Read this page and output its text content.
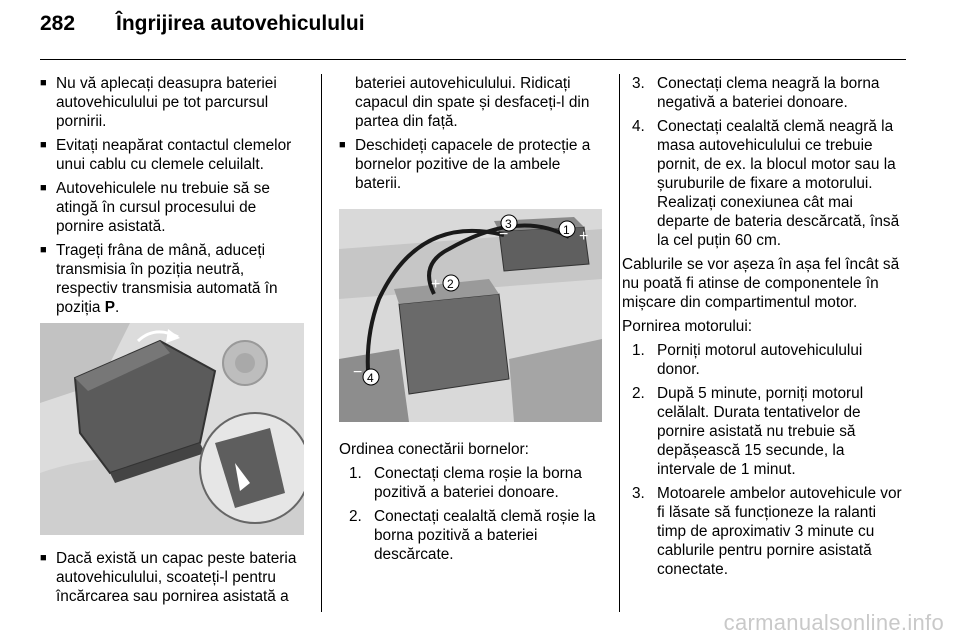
282 Îngrijirea autovehiculului
■ Nu vă aplecați deasupra bateriei autovehiculului pe tot parcursul pornirii.
■ Evitați neapărat contactul clemelor unui cablu cu clemele celuilalt.
■ Autovehiculele nu trebuie să se atingă în cursul procesului de pornire asistată.
■ Trageți frâna de mână, aduceți transmisia în poziția neutră, respectiv transmisia automată în poziția P.
■ Dacă există un capac peste bateria autovehiculului, scoateți-l pentru încărcarea sau pornirea asistată a
bateriei autovehiculului. Ridicați capacul din spate și desfaceți-l din partea din față.
■ Deschideți capacele de protecție a bornelor pozitive de la ambele baterii.
1 +
2
+
3
−
4
−
Ordinea conectării bornelor:
1. Conectați clema roșie la borna pozitivă a bateriei donoare.
2. Conectați cealaltă clemă roșie la borna pozitivă a bateriei descărcate.
3. Conectați clema neagră la borna negativă a bateriei donoare.
4. Conectați cealaltă clemă neagră la masa autovehiculului ce trebuie pornit, de ex. la blocul motor sau la șuruburile de fixare a motorului. Realizați conexiunea cât mai departe de bateria descărcată, însă la cel puțin 60 cm.
Cablurile se vor așeza în așa fel încât să nu poată fi atinse de componentele în mișcare din compartimentul motor.
Pornirea motorului:
1. Porniți motorul autovehiculului donor.
2. După 5 minute, porniți motorul celălalt. Durata tentativelor de pornire asistată nu trebuie să depășească 15 secunde, la intervale de 1 minut.
3. Motoarele ambelor autovehicule vor fi lăsate să funcționeze la ralanti timp de aproximativ 3 minute cu cablurile pentru pornire asistată conectate.
carmanualsonline.info
